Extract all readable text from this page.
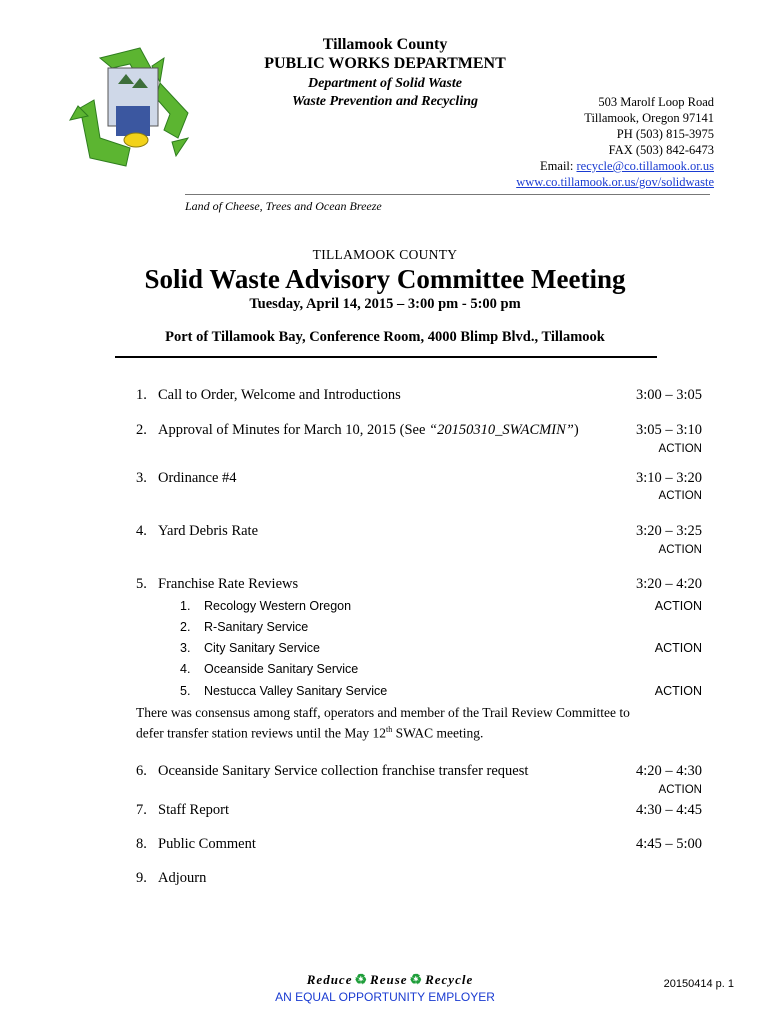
Tillamook County
PUBLIC WORKS DEPARTMENT
Department of Solid Waste
Waste Prevention and Recycling	503 Marolf Loop Road
Tillamook, Oregon 97141
PH (503) 815-3975
FAX (503) 842-6473
Email: recycle@co.tillamook.or.us
www.co.tillamook.or.us/gov/solidwaste
Land of Cheese, Trees and Ocean Breeze
TILLAMOOK COUNTY
Solid Waste Advisory Committee Meeting
Tuesday, April 14, 2015 – 3:00 pm - 5:00 pm
Port of Tillamook Bay, Conference Room, 4000 Blimp Blvd., Tillamook
1. Call to Order, Welcome and Introductions	3:00 – 3:05
2. Approval of Minutes for March 10, 2015 (See “20150310_SWACMIN”)	3:05 – 3:10
ACTION
3. Ordinance #4	3:10 – 3:20
ACTION
4. Yard Debris Rate	3:20 – 3:25
ACTION
5. Franchise Rate Reviews	3:20 – 4:20
1. Recology Western Oregon	ACTION
2. R-Sanitary Service
3. City Sanitary Service	ACTION
4. Oceanside Sanitary Service
5. Nestucca Valley Sanitary Service	ACTION
There was consensus among staff, operators and member of the Trail Review Committee to defer transfer station reviews until the May 12th SWAC meeting.
6. Oceanside Sanitary Service collection franchise transfer request	4:20 – 4:30
ACTION
7. Staff Report	4:30 – 4:45
8. Public Comment	4:45 – 5:00
9. Adjourn
Reduce ♻ Reuse ♻ Recycle
AN EQUAL OPPORTUNITY EMPLOYER
20150414 p. 1
